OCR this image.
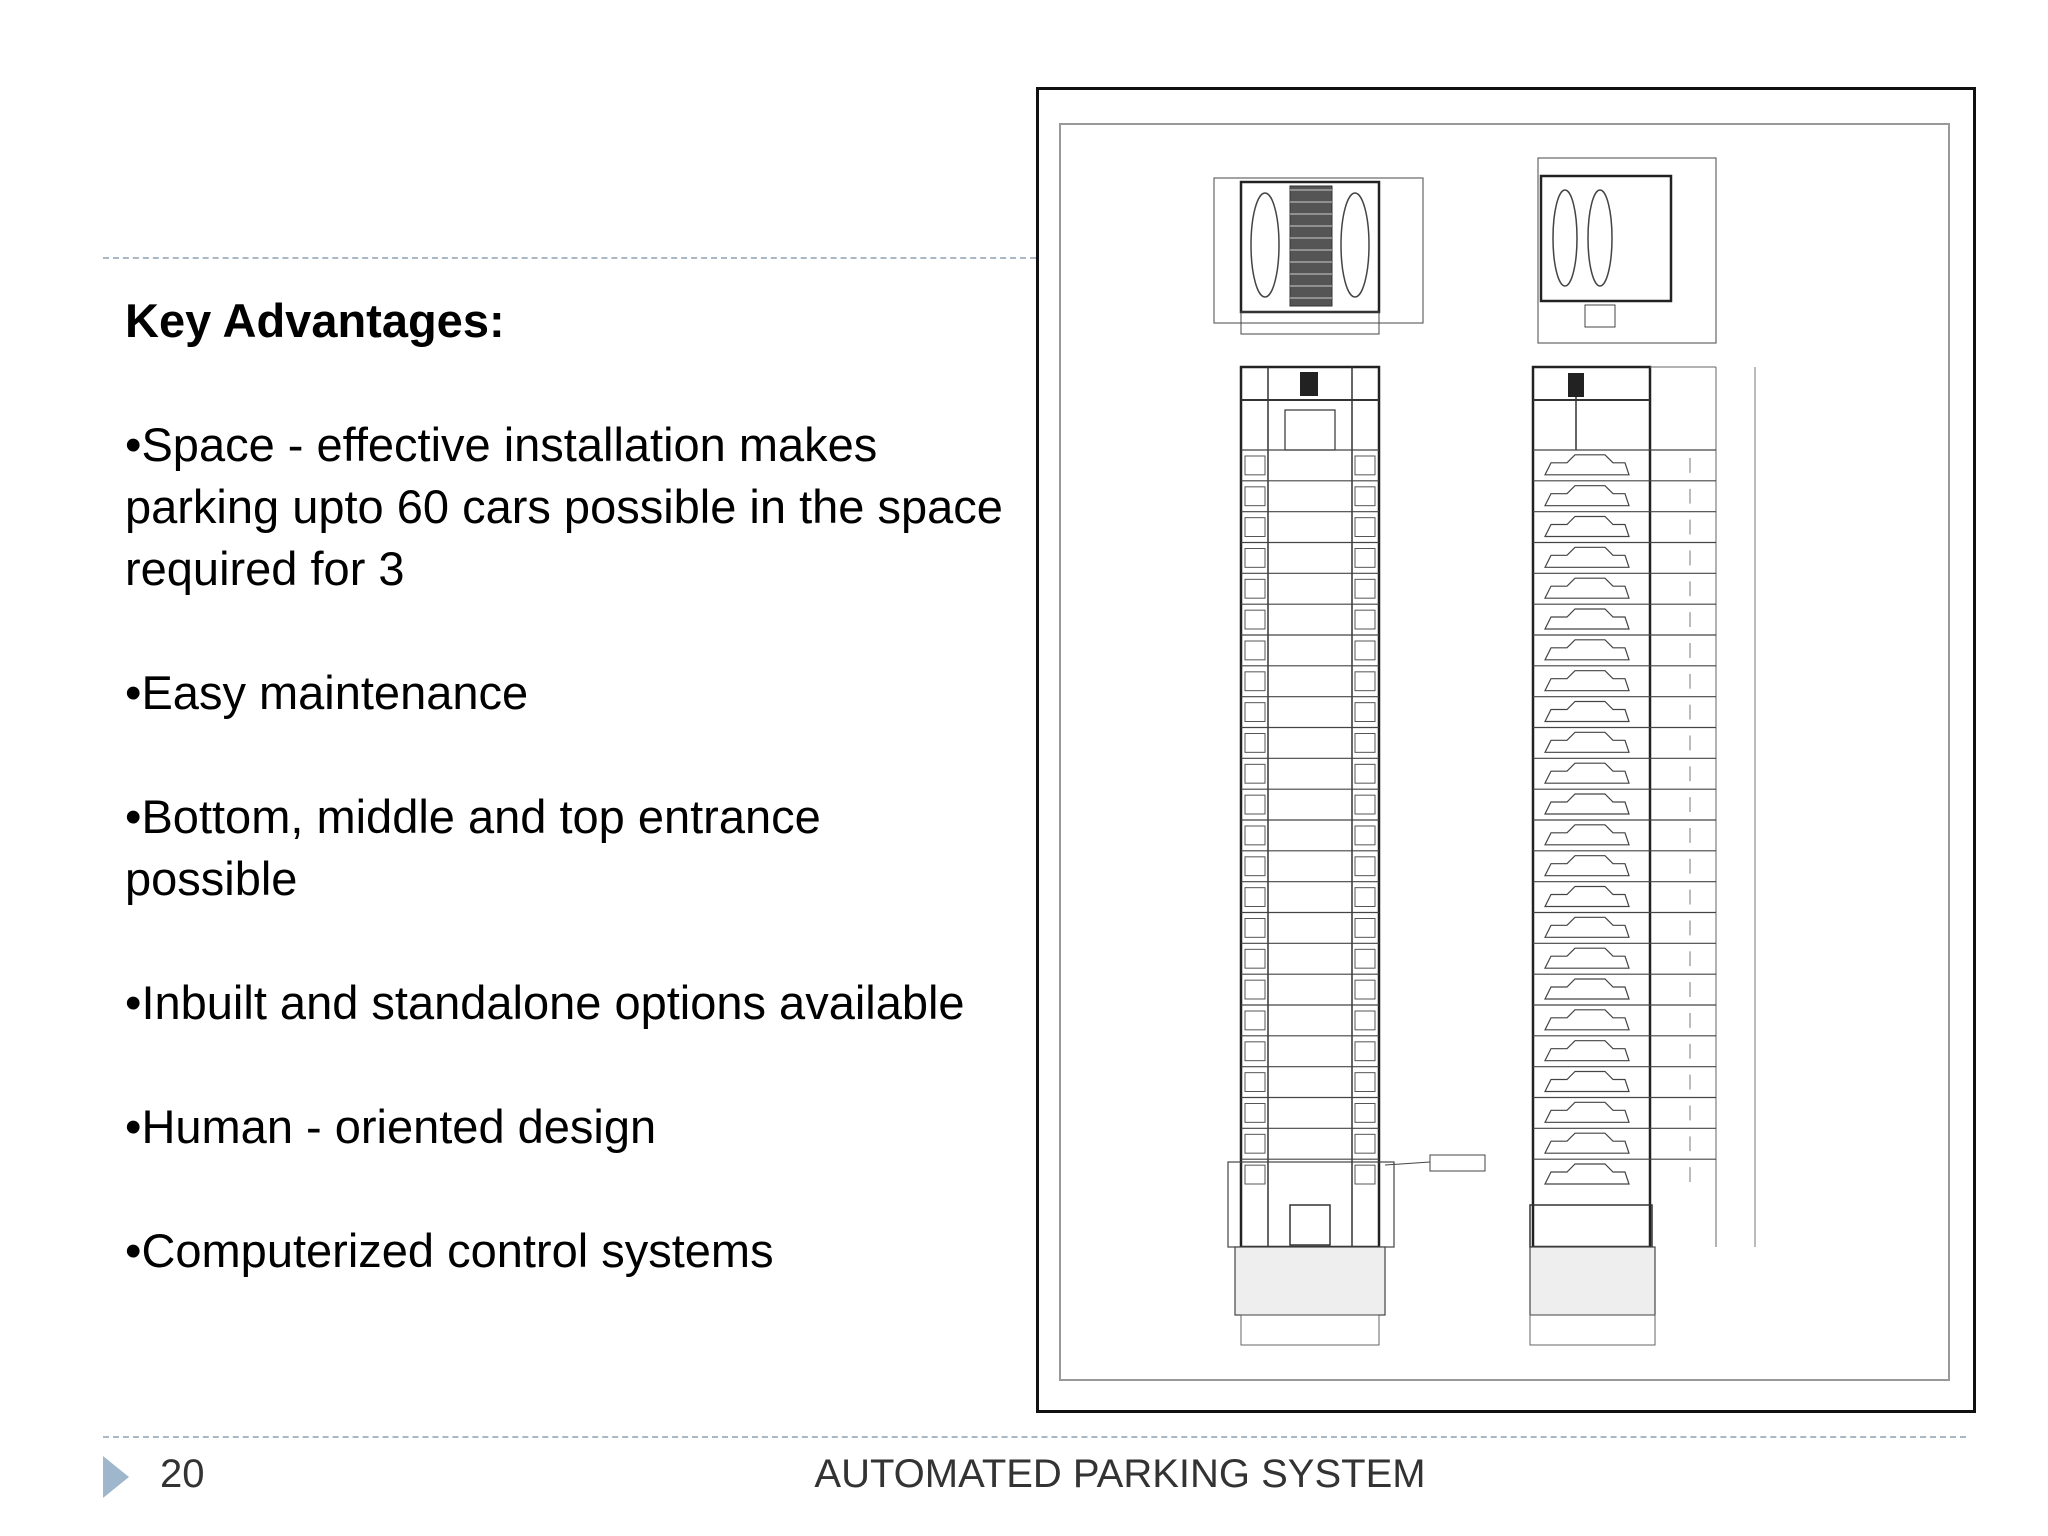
Key Advantages:
•Space - effective installation makes parking upto 60 cars possible in the space required for 3
•Easy maintenance
•Bottom, middle and top entrance possible
•Inbuilt and standalone options available
•Human - oriented design
•Computerized control systems
20	AUTOMATED PARKING SYSTEM
